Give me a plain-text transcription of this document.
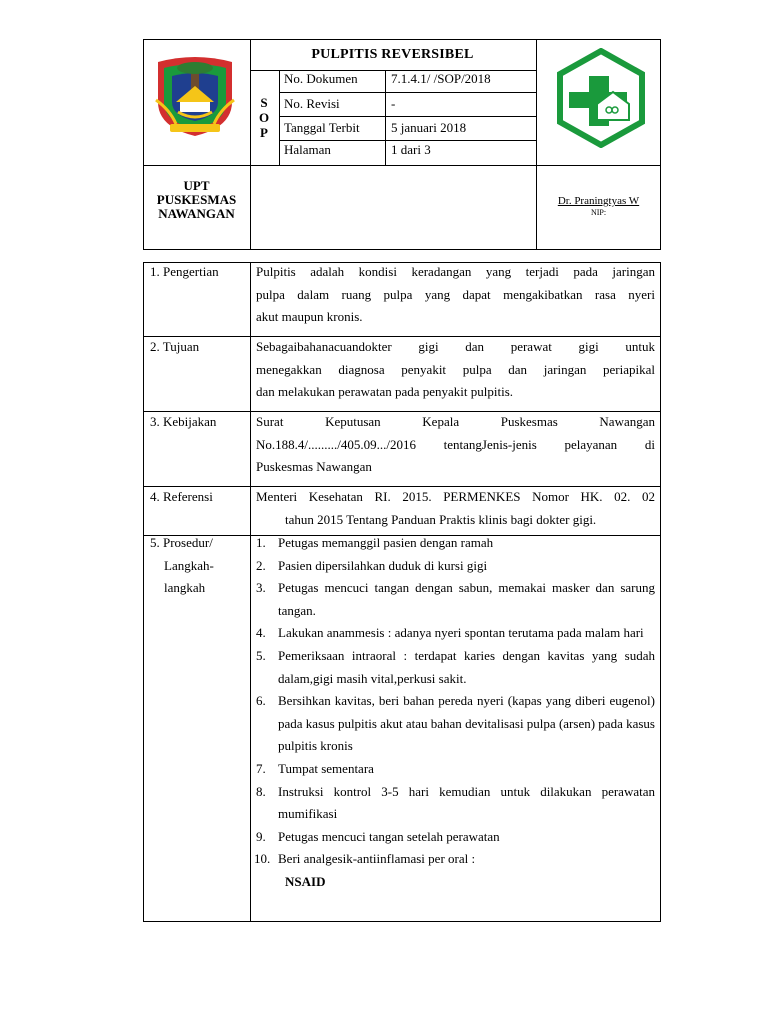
PULPITIS REVERSIBEL
S
O
P
No. Dokumen	7.1.4.1/ /SOP/2018
No. Revisi	-
Tanggal Terbit 5 januari 2018
Halaman	1 dari 3
UPT
PUSKESMAS
NAWANGAN
Dr. Praningtyas W
NIP:
1. Pengertian	Pulpitis adalah kondisi keradangan yang terjadi pada jaringan
pulpa dalam ruang pulpa yang dapat mengakibatkan rasa nyeri
akut maupun kronis.
2. Tujuan	Sebagaibahanacuandokter gigi dan perawat gigi untuk
menegakkan diagnosa penyakit pulpa dan jaringan periapikal
dan melakukan perawatan pada penyakit pulpitis.
3. Kebijakan	Surat Keputusan Kepala Puskesmas Nawangan
No.188.4/........./405.09.../2016 tentangJenis-jenis pelayanan di
Puskesmas Nawangan
4. Referensi	Menteri Kesehatan RI. 2015. PERMENKES Nomor HK. 02. 02
tahun 2015 Tentang Panduan Praktis klinis bagi dokter gigi.
5. Prosedur/
Langkah-
langkah
1. Petugas memanggil pasien dengan ramah
2. Pasien dipersilahkan duduk di kursi gigi
3. Petugas mencuci tangan dengan sabun, memakai masker dan sarung tangan.
4. Lakukan anammesis : adanya nyeri spontan terutama pada malam hari
5. Pemeriksaan intraoral : terdapat karies dengan kavitas yang sudah dalam,gigi masih vital,perkusi sakit.
6. Bersihkan kavitas, beri bahan pereda nyeri (kapas yang diberi eugenol) pada kasus pulpitis akut atau bahan devitalisasi pulpa (arsen) pada kasus pulpitis kronis
7. Tumpat sementara
8. Instruksi kontrol 3-5 hari kemudian untuk dilakukan perawatan mumifikasi
9. Petugas mencuci tangan setelah perawatan
10. Beri analgesik-antiinflamasi per oral :
NSAID
